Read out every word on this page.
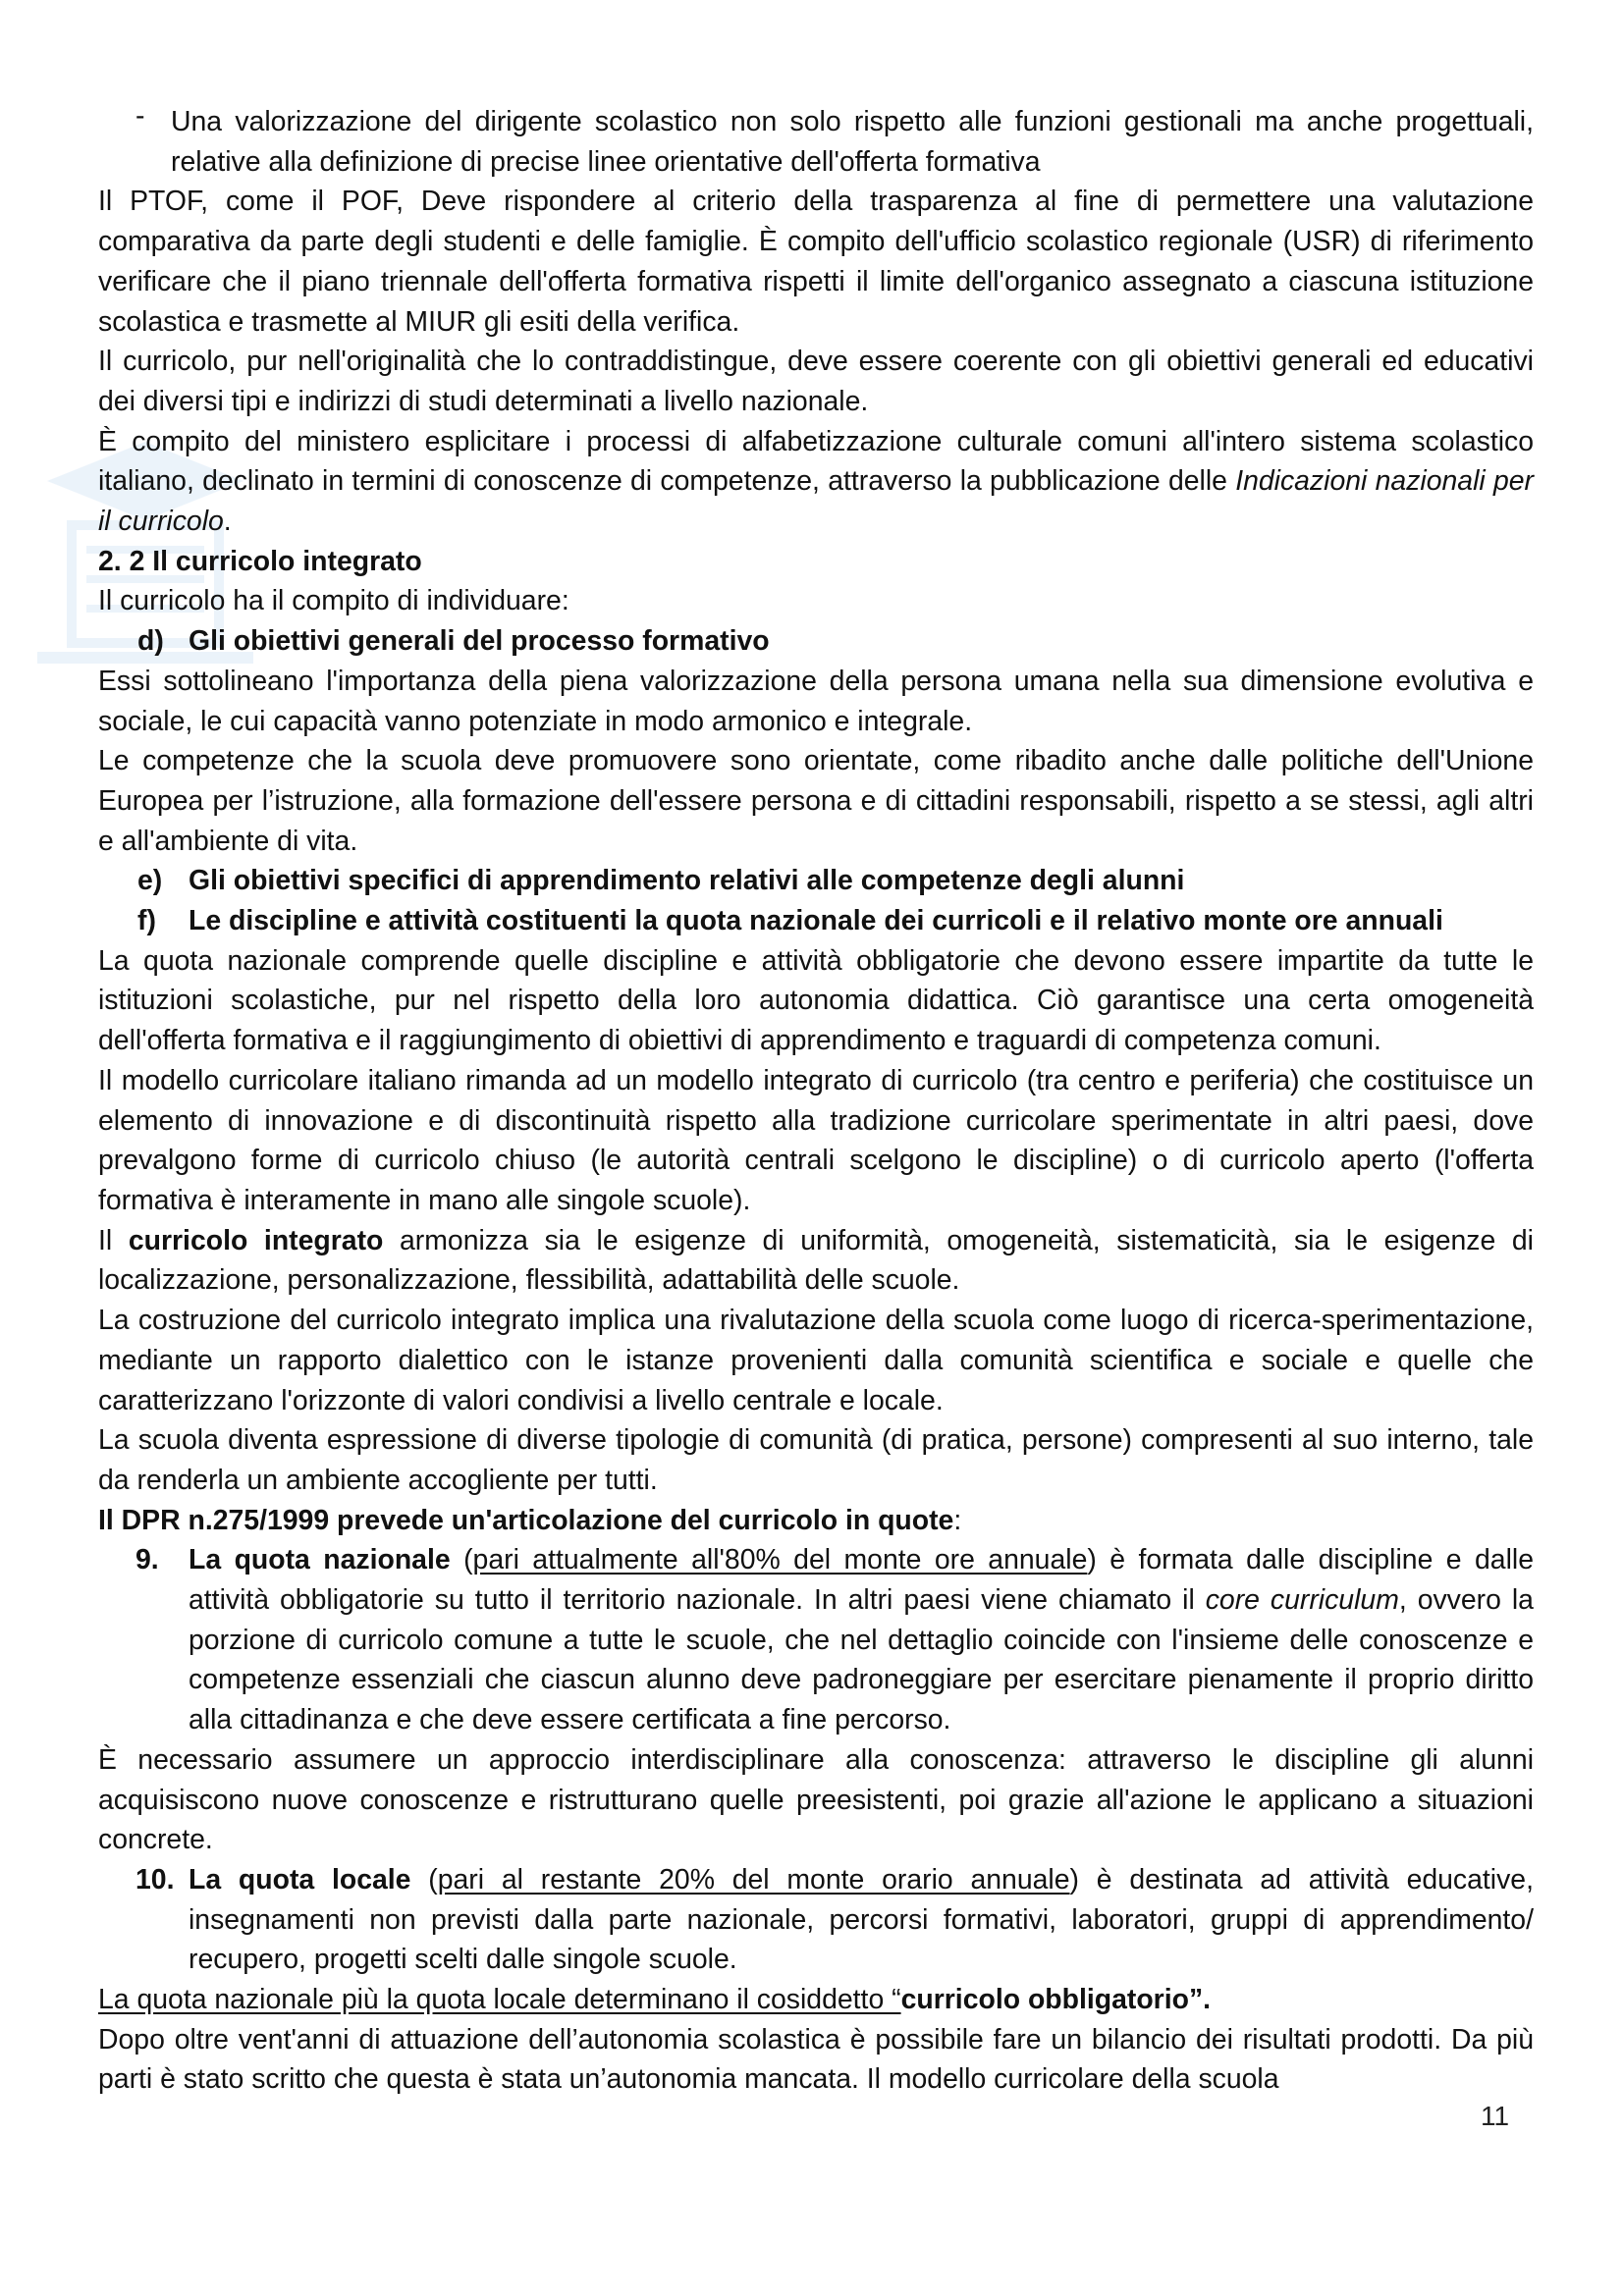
- Una valorizzazione del dirigente scolastico non solo rispetto alle funzioni gestionali ma anche progettuali, relative alla definizione di precise linee orientative dell'offerta formativa

Il PTOF, come il POF, Deve rispondere al criterio della trasparenza al fine di permettere una valutazione comparativa da parte degli studenti e delle famiglie. È compito dell'ufficio scolastico regionale (USR) di riferimento verificare che il piano triennale dell'offerta formativa rispetti il limite dell'organico assegnato a ciascuna istituzione scolastica e trasmette al MIUR gli esiti della verifica.

Il curricolo, pur nell'originalità che lo contraddistingue, deve essere coerente con gli obiettivi generali ed educativi dei diversi tipi e indirizzi di studi determinati a livello nazionale.

È compito del ministero esplicitare i processi di alfabetizzazione culturale comuni all'intero sistema scolastico italiano, declinato in termini di conoscenze di competenze, attraverso la pubblicazione delle Indicazioni nazionali per il curricolo.

2. 2 Il curricolo integrato

Il curricolo ha il compito di individuare:

d) Gli obiettivi generali del processo formativo

Essi sottolineano l'importanza della piena valorizzazione della persona umana nella sua dimensione evolutiva e sociale, le cui capacità vanno potenziate in modo armonico e integrale.

Le competenze che la scuola deve promuovere sono orientate, come ribadito anche dalle politiche dell'Unione Europea per l’istruzione, alla formazione dell'essere persona e di cittadini responsabili, rispetto a se stessi, agli altri e all'ambiente di vita.

e) Gli obiettivi specifici di apprendimento relativi alle competenze degli alunni

f) Le discipline e attività costituenti la quota nazionale dei curricoli e il relativo monte ore annuali

La quota nazionale comprende quelle discipline e attività obbligatorie che devono essere impartite da tutte le istituzioni scolastiche, pur nel rispetto della loro autonomia didattica. Ciò garantisce una certa omogeneità dell'offerta formativa e il raggiungimento di obiettivi di apprendimento e traguardi di competenza comuni.

Il modello curricolare italiano rimanda ad un modello integrato di curricolo (tra centro e periferia) che costituisce un elemento di innovazione e di discontinuità rispetto alla tradizione curricolare sperimentate in altri paesi, dove prevalgono forme di curricolo chiuso (le autorità centrali scelgono le discipline) o di curricolo aperto (l'offerta formativa è interamente in mano alle singole scuole).

Il curricolo integrato armonizza sia le esigenze di uniformità, omogeneità, sistematicità, sia le esigenze di localizzazione, personalizzazione, flessibilità, adattabilità delle scuole.

La costruzione del curricolo integrato implica una rivalutazione della scuola come luogo di ricerca-sperimentazione, mediante un rapporto dialettico con le istanze provenienti dalla comunità scientifica e sociale e quelle che caratterizzano l'orizzonte di valori condivisi a livello centrale e locale.

La scuola diventa espressione di diverse tipologie di comunità (di pratica, persone) compresenti al suo interno, tale da renderla un ambiente accogliente per tutti.

Il DPR n.275/1999 prevede un'articolazione del curricolo in quote:

9. La quota nazionale (pari attualmente all'80% del monte ore annuale) è formata dalle discipline e dalle attività obbligatorie su tutto il territorio nazionale. In altri paesi viene chiamato il core curriculum, ovvero la porzione di curricolo comune a tutte le scuole, che nel dettaglio coincide con l'insieme delle conoscenze e competenze essenziali che ciascun alunno deve padroneggiare per esercitare pienamente il proprio diritto alla cittadinanza e che deve essere certificata a fine percorso.

È necessario assumere un approccio interdisciplinare alla conoscenza: attraverso le discipline gli alunni acquisiscono nuove conoscenze e ristrutturano quelle preesistenti, poi grazie all'azione le applicano a situazioni concrete.

10. La quota locale (pari al restante 20% del monte orario annuale) è destinata ad attività educative, insegnamenti non previsti dalla parte nazionale, percorsi formativi, laboratori, gruppi di apprendimento/ recupero, progetti scelti dalle singole scuole.

La quota nazionale più la quota locale determinano il cosiddetto “curricolo obbligatorio”.

Dopo oltre vent'anni di attuazione dell’autonomia scolastica è possibile fare un bilancio dei risultati prodotti. Da più parti è stato scritto che questa è stata un’autonomia mancata. Il modello curricolare della scuola

11
